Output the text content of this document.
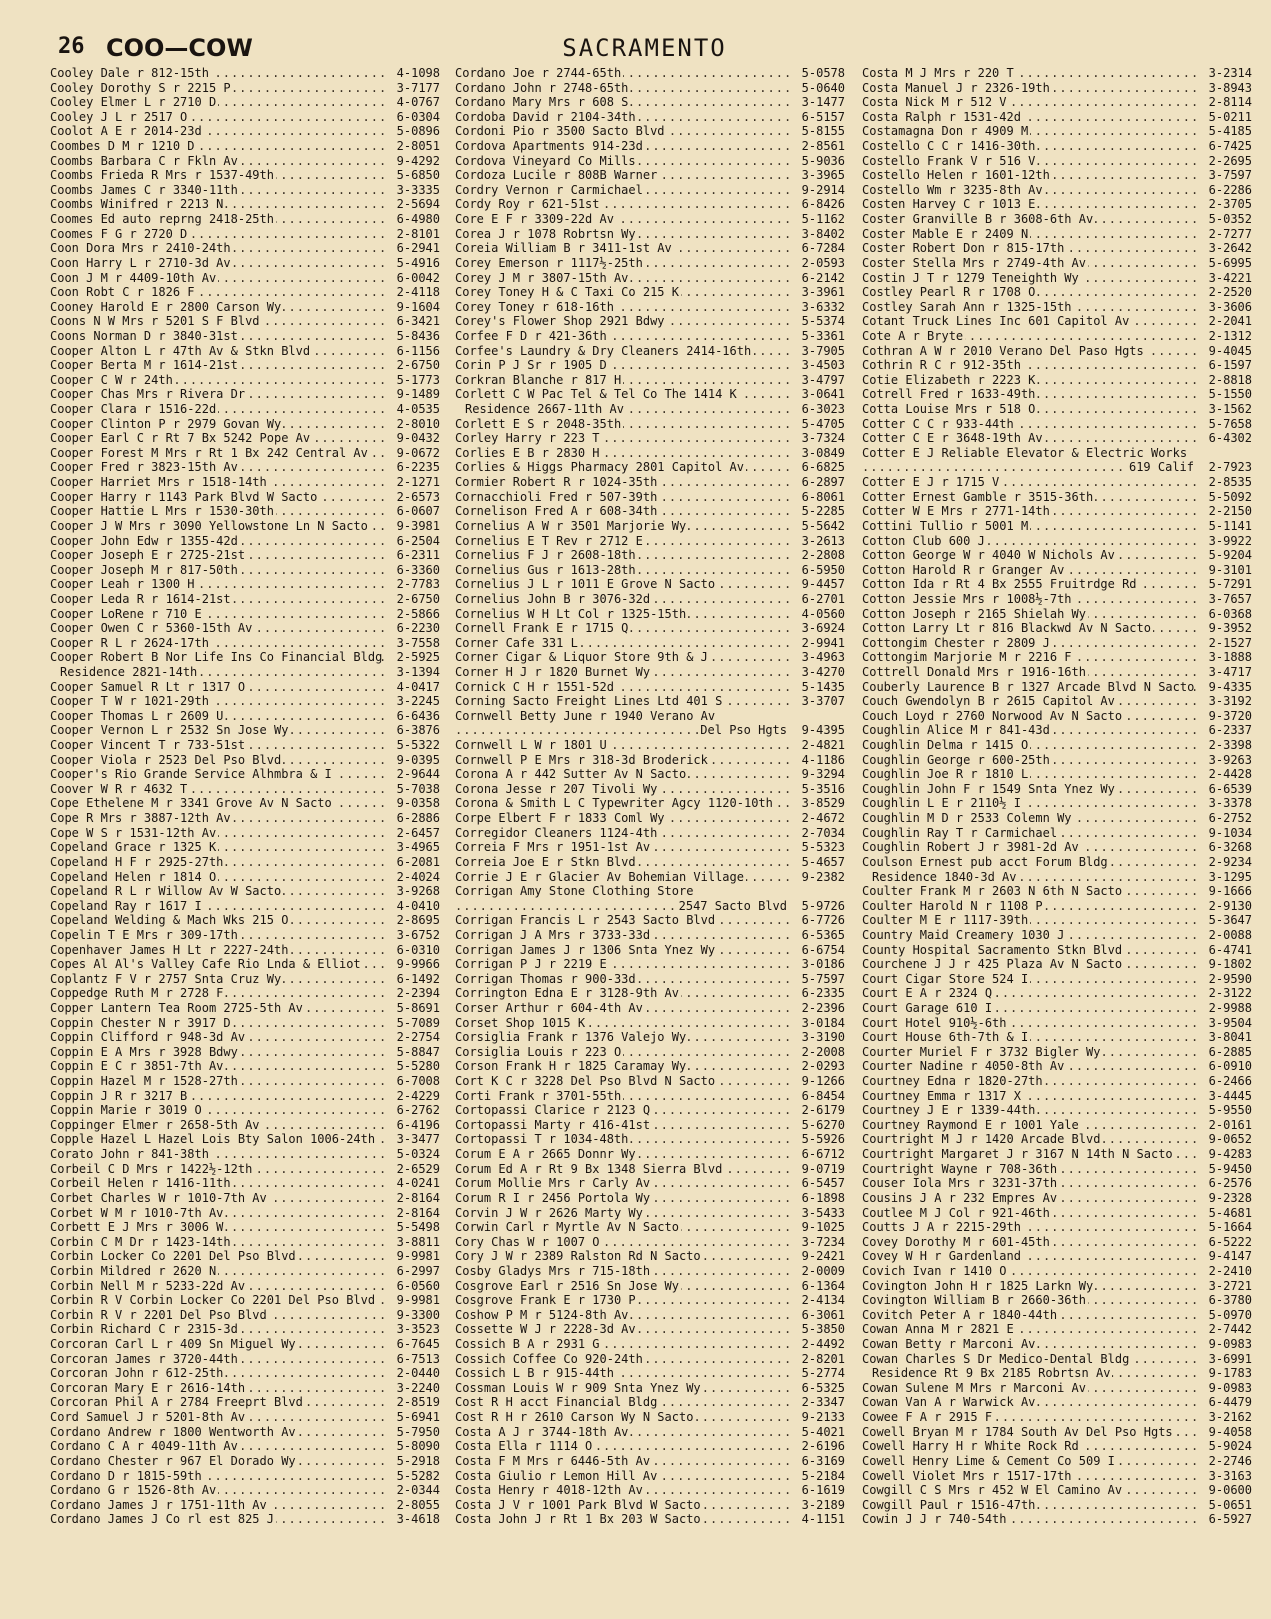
26 COO—COW	SACRAMENTO
Cooley Dale r 812-15th .....	4-1098
Cooley Dorothy S r 2215 P .....	3-7177
Cooley Elmer L r 2710 D .....	4-0767
Cooley J L r 2517 O .....	6-0304
Coolot A E r 2014-23d .....	5-0896
Coombes D M r 1210 D .....	2-8051
Coombs Barbara C r Fkln Av .....	9-4292
Coombs Frieda R Mrs r 1537-49th .....	5-6850
Coombs James C r 3340-11th .....	3-3335
Coombs Winifred r 2213 N .....	2-5694
Coomes Ed auto reprng 2418-25th .....	6-4980
Coomes F G r 2720 D .....	2-8101
Coon Dora Mrs r 2410-24th .....	6-2941
Coon Harry L r 2710-3d Av .....	5-4916
Coon J M r 4409-10th Av .....	6-0042
Coon Robt C r 1826 F .....	2-4118
Cooney Harold E r 2800 Carson Wy .....	9-1604
Coons N W Mrs r 5201 S F Blvd .....	6-3421
Coons Norman D r 3840-31st .....	5-8436
Cooper Alton L r 47th Av & Stkn Blvd .....	6-1156
Cooper Berta M r 1614-21st .....	2-6750
Cooper C W r 24th .....	5-1773
Cooper Chas Mrs r Rivera Dr .....	9-1489
Cooper Clara r 1516-22d .....	4-0535
Cooper Clinton P r 2979 Govan Wy .....	2-8010
Cooper Earl C r Rt 7 Bx 5242 Pope Av .....	9-0432
Cooper Forest M Mrs r Rt 1 Bx 242 Central Av ..... 9-0672
Cooper Fred r 3823-15th Av .....	6-2235
Cooper Harriet Mrs r 1518-14th .....	2-1271
Cooper Harry r 1143 Park Blvd W Sacto .....	2-6573
Cooper Hattie L Mrs r 1530-30th .....	6-0607
Cooper J W Mrs r 3090 Yellowstone Ln N Sacto ..... 9-3981
Cooper John Edw r 1355-42d .....	6-2504
Cooper Joseph E r 2725-21st .....	6-2311
Cooper Joseph M r 817-50th .....	6-3360
Cooper Leah r 1300 H .....	2-7783
Cooper Leda R r 1614-21st .....	2-6750
Cooper LoRene r 710 E .....	2-5866
Cooper Owen C r 5360-15th Av .....	6-2230
Cooper R L r 2624-17th .....	3-7558
Cooper Robert B Nor Life Ins Co Financial Bldg ..... 2-5925
Residence 2821-14th .....	3-1394
Cooper Samuel R Lt r 1317 O .....	4-0417
Cooper T W r 1021-29th .....	3-2245
Cooper Thomas L r 2609 U .....	6-6436
Cooper Vernon L r 2532 Sn Jose Wy .....	6-3876
Cooper Vincent T r 733-51st .....	5-5322
Cooper Viola r 2523 Del Pso Blvd .....	9-0395
Cooper's Rio Grande Service Alhmbra & I .....	2-9644
Coover W R r 4632 T .....	5-7038
Cope Ethelene M r 3341 Grove Av N Sacto .....	9-0358
Cope R Mrs r 3887-12th Av .....	6-2886
Cope W S r 1531-12th Av .....	2-6457
Copeland Grace r 1325 K .....	3-4965
Copeland H F r 2925-27th .....	6-2081
Copeland Helen r 1814 O .....	2-4024
Copeland R L r Willow Av W Sacto .....	3-9268
Copeland Ray r 1617 I .....	4-0410
Copeland Welding & Mach Wks 215 O .....	2-8695
Copelin T E Mrs r 309-17th .....	3-6752
Copenhaver James H Lt r 2227-24th .....	6-0310
Copes Al Al's Valley Cafe Rio Lnda & Elliot .....	9-9966
Coplantz F V r 2757 Snta Cruz Wy .....	6-1492
Coppedge Ruth M r 2728 F .....	2-2394
Copper Lantern Tea Room 2725-5th Av .....	5-8691
Coppin Chester N r 3917 D .....	5-7089
Coppin Clifford r 948-3d Av .....	2-2754
Coppin E A Mrs r 3928 Bdwy .....	5-8847
Coppin E C r 3851-7th Av .....	5-5280
Coppin Hazel M r 1528-27th .....	6-7008
Coppin J R r 3217 B .....	2-4229
Coppin Marie r 3019 O .....	6-2762
Coppinger Elmer r 2658-5th Av .....	6-4196
Copple Hazel L Hazel Lois Bty Salon 1006-24th ..... 3-3477
Corato John r 841-38th .....	5-0324
Corbeil C D Mrs r 1422½-12th .....	2-6529
Corbeil Helen r 1416-11th .....	4-0241
Corbet Charles W r 1010-7th Av .....	2-8164
Corbet W M r 1010-7th Av .....	2-8164
Corbett E J Mrs r 3006 W .....	5-5498
Corbin C M Dr r 1423-14th .....	3-8811
Corbin Locker Co 2201 Del Pso Blvd .....	9-9981
Corbin Mildred r 2620 N .....	6-2997
Corbin Nell M r 5233-22d Av .....	6-0560
Corbin R V Corbin Locker Co 2201 Del Pso Blvd ..... 9-9981
Corbin R V r 2201 Del Pso Blvd .....	9-3300
Corbin Richard C r 2315-3d .....	3-3523
Corcoran Carl L r 409 Sn Miguel Wy .....	6-7645
Corcoran James r 3720-44th .....	6-7513
Corcoran John r 612-25th .....	2-0440
Corcoran Mary E r 2616-14th .....	3-2240
Corcoran Phil A r 2784 Freeprt Blvd .....	2-8519
Cord Samuel J r 5201-8th Av .....	5-6941
Cordano Andrew r 1800 Wentworth Av .....	5-7950
Cordano C A r 4049-11th Av .....	5-8090
Cordano Chester r 967 El Dorado Wy .....	5-2918
Cordano D r 1815-59th .....	5-5282
Cordano G r 1526-8th Av .....	2-0344
Cordano James J r 1751-11th Av .....	2-8055
Cordano James J Co rl est 825 J .....	3-4618
Cordano Joe r 2744-65th .....	5-0578
Cordano John r 2748-65th .....	5-0640
Cordano Mary Mrs r 608 S .....	3-1477
Cordoba David r 2104-34th .....	6-5157
Cordoni Pio r 3500 Sacto Blvd .....	5-8155
Cordova Apartments 914-23d .....	2-8561
Cordova Vineyard Co Mills .....	5-9036
Cordoza Lucile r 808B Warner .....	3-3965
Cordry Vernon r Carmichael .....	9-2914
Cordy Roy r 621-51st .....	6-8426
Core E F r 3309-22d Av .....	5-1162
Corea J r 1078 Robrtsn Wy .....	3-8402
Coreia William B r 3411-1st Av .....	6-7284
Corey Emerson r 1117½-25th .....	2-0593
Corey J M r 3807-15th Av .....	6-2142
Corey Toney H & C Taxi Co 215 K .....	3-3961
Corey Toney r 618-16th .....	3-6332
Corey's Flower Shop 2921 Bdwy .....	5-5374
Corfee F D r 421-36th .....	5-3361
Corfee's Laundry & Dry Cleaners 2414-16th .....	3-7905
Corin P J Sr r 1905 D .....	3-4503
Corkran Blanche r 817 H .....	3-4797
Corlett C W Pac Tel & Tel Co The 1414 K .....	3-0641
Residence 2667-11th Av .....	6-3023
Corlett E S r 2048-35th .....	5-4705
Corley Harry r 223 T .....	3-7324
Corlies E B r 2830 H .....	3-0849
Corlies & Higgs Pharmacy 2801 Capitol Av .....	6-6825
Cormier Robert R r 1024-35th .....	6-2897
Cornacchioli Fred r 507-39th .....	6-8061
Cornelison Fred A r 608-34th .....	5-2285
Cornelius A W r 3501 Marjorie Wy .....	5-5642
Cornelius E T Rev r 2712 E .....	3-2613
Cornelius F J r 2608-18th .....	2-2808
Cornelius Gus r 1613-28th .....	6-5950
Cornelius J L r 1011 E Grove N Sacto .....	9-4457
Cornelius John B r 3076-32d .....	6-2701
Cornelius W H Lt Col r 1325-15th .....	4-0560
Cornell Frank E r 1715 Q .....	3-6924
Corner Cafe 331 L .....	2-9941
Corner Cigar & Liquor Store 9th & J .....	3-4963
Corner H J r 1820 Burnet Wy .....	3-4270
Cornick C H r 1551-52d .....	5-1435
Corning Sacto Freight Lines Ltd 401 S .....	3-3707
Cornwell Betty June r 1940 Verano Av
Del Pso Hgts ..... 9-4395
Cornwell L W r 1801 U .....	2-4821
Cornwell P E Mrs r 318-3d Broderick .....	4-1186
Corona A r 442 Sutter Av N Sacto .....	9-3294
Corona Jesse r 207 Tivoli Wy .....	5-3516
Corona & Smith L C Typewriter Agcy 1120-10th ..... 3-8529
Corpe Elbert F r 1833 Coml Wy .....	2-4672
Corregidor Cleaners 1124-4th .....	2-7034
Correia F Mrs r 1951-1st Av .....	5-5323
Correia Joe E r Stkn Blvd .....	5-4657
Corrie J E r Glacier Av Bohemian Village .....	9-2382
Corrigan Amy Stone Clothing Store
2547 Sacto Blvd ..... 5-9726
Corrigan Francis L r 2543 Sacto Blvd .....	6-7726
Corrigan J A Mrs r 3733-33d .....	6-5365
Corrigan James J r 1306 Snta Ynez Wy .....	6-6754
Corrigan P J r 2219 E .....	3-0186
Corrigan Thomas r 900-33d .....	5-7597
Corrington Edna E r 3128-9th Av .....	6-2335
Corser Arthur r 604-4th Av .....	2-2396
Corset Shop 1015 K .....	3-0184
Corsiglia Frank r 1376 Valejo Wy .....	3-3190
Corsiglia Louis r 223 O .....	2-2008
Corson Frank H r 1825 Caramay Wy .....	2-0293
Cort K C r 3228 Del Pso Blvd N Sacto .....	9-1266
Corti Frank r 3701-55th .....	6-8454
Cortopassi Clarice r 2123 Q .....	2-6179
Cortopassi Marty r 416-41st .....	5-6270
Cortopassi T r 1034-48th .....	5-5926
Corum E A r 2665 Donnr Wy .....	6-6712
Corum Ed A r Rt 9 Bx 1348 Sierra Blvd .....	9-0719
Corum Mollie Mrs r Carly Av .....	6-5457
Corum R I r 2456 Portola Wy .....	6-1898
Corvin J W r 2626 Marty Wy .....	3-5433
Corwin Carl r Myrtle Av N Sacto .....	9-1025
Cory Chas W r 1007 O .....	3-7234
Cory J W r 2389 Ralston Rd N Sacto .....	9-2421
Cosby Gladys Mrs r 715-18th .....	2-0009
Cosgrove Earl r 2516 Sn Jose Wy .....	6-1364
Cosgrove Frank E r 1730 P .....	2-4134
Coshow P M r 5124-8th Av .....	6-3061
Cossette W J r 2228-3d Av .....	5-3850
Cossich B A r 2931 G .....	2-4492
Cossich Coffee Co 920-24th .....	2-8201
Cossich L B r 915-44th .....	5-2774
Cossman Louis W r 909 Snta Ynez Wy .....	6-5325
Cost R H acct Financial Bldg .....	2-3347
Cost R H r 2610 Carson Wy N Sacto .....	9-2133
Costa A J r 3744-18th Av .....	5-4021
Costa Ella r 1114 O .....	2-6196
Costa F M Mrs r 6446-5th Av .....	6-3169
Costa Giulio r Lemon Hill Av .....	5-2184
Costa Henry r 4018-12th Av .....	6-1619
Costa J V r 1001 Park Blvd W Sacto .....	3-2189
Costa John J r Rt 1 Bx 203 W Sacto .....	4-1151
Costa M J Mrs r 220 T .....	3-2314
Costa Manuel J r 2326-19th .....	3-8943
Costa Nick M r 512 V .....	2-8114
Costa Ralph r 1531-42d .....	5-0211
Costamagna Don r 4909 M .....	5-4185
Costello C C r 1416-30th .....	6-7425
Costello Frank V r 516 V .....	2-2695
Costello Helen r 1601-12th .....	3-7597
Costello Wm r 3235-8th Av .....	6-2286
Costen Harvey C r 1013 E .....	2-3705
Coster Granville B r 3608-6th Av .....	5-0352
Coster Mable E r 2409 N .....	2-7277
Coster Robert Don r 815-17th .....	3-2642
Coster Stella Mrs r 2749-4th Av .....	5-6995
Costin J T r 1279 Teneighth Wy .....	3-4221
Costley Pearl R r 1708 O .....	2-2520
Costley Sarah Ann r 1325-15th .....	3-3606
Cotant Truck Lines Inc 601 Capitol Av .....	2-2041
Cote A r Bryte .....	2-1312
Cothran A W r 2010 Verano Del Paso Hgts .....	9-4045
Cothrin R C r 912-35th .....	6-1597
Cotie Elizabeth r 2223 K .....	2-8818
Cotrell Fred r 1633-49th .....	5-1550
Cotta Louise Mrs r 518 O .....	3-1562
Cotter C C r 933-44th .....	5-7658
Cotter C E r 3648-19th Av .....	6-4302
Cotter E J Reliable Elevator & Electric Works
619 Calif ..... 2-7923
Cotter E J r 1715 V .....	2-8535
Cotter Ernest Gamble r 3515-36th .....	5-5092
Cotter W E Mrs r 2771-14th .....	2-2150
Cottini Tullio r 5001 M .....	5-1141
Cotton Club 600 J .....	3-9922
Cotton George W r 4040 W Nichols Av .....	5-9204
Cotton Harold R r Granger Av .....	9-3101
Cotton Ida r Rt 4 Bx 2555 Fruitrdge Rd .....	5-7291
Cotton Jessie Mrs r 1008½-7th .....	3-7657
Cotton Joseph r 2165 Shielah Wy .....	6-0368
Cotton Larry Lt r 816 Blackwd Av N Sacto .....	9-3952
Cottongim Chester r 2809 J .....	2-1527
Cottongim Marjorie M r 2216 F .....	3-1888
Cottrell Donald Mrs r 1916-16th .....	3-4717
Couberly Laurence B r 1327 Arcade Blvd N Sacto ..... 9-4335
Couch Gwendolyn B r 2615 Capitol Av .....	3-3192
Couch Loyd r 2760 Norwood Av N Sacto .....	9-3720
Coughlin Alice M r 841-43d .....	6-2337
Coughlin Delma r 1415 O .....	2-3398
Coughlin George r 600-25th .....	3-9263
Coughlin Joe R r 1810 L .....	2-4428
Coughlin John F r 1549 Snta Ynez Wy .....	6-6539
Coughlin L E r 2110½ I .....	3-3378
Coughlin M D r 2533 Colemn Wy .....	6-2752
Coughlin Ray T r Carmichael .....	9-1034
Coughlin Robert J r 3981-2d Av .....	6-3268
Coulson Ernest pub acct Forum Bldg .....	2-9234
Residence 1840-3d Av .....	3-1295
Coulter Frank M r 2603 N 6th N Sacto .....	9-1666
Coulter Harold N r 1108 P .....	2-9130
Coulter M E r 1117-39th .....	5-3647
Country Maid Creamery 1030 J .....	2-0088
County Hospital Sacramento Stkn Blvd .....	6-4741
Courchene J J r 425 Plaza Av N Sacto .....	9-1802
Court Cigar Store 524 I .....	2-9590
Court E A r 2324 Q .....	2-3122
Court Garage 610 I .....	2-9988
Court Hotel 910½-6th .....	3-9504
Court House 6th-7th & I .....	3-8041
Courter Muriel F r 3732 Bigler Wy .....	6-2885
Courter Nadine r 4050-8th Av .....	6-0910
Courtney Edna r 1820-27th .....	6-2466
Courtney Emma r 1317 X .....	3-4445
Courtney J E r 1339-44th .....	5-9550
Courtney Raymond E r 1001 Yale .....	2-0161
Courtright M J r 1420 Arcade Blvd .....	9-0652
Courtright Margaret J r 3167 N 14th N Sacto .....	9-4283
Courtright Wayne r 708-36th .....	5-9450
Couser Iola Mrs r 3231-37th .....	6-2576
Cousins J A r 232 Empres Av .....	9-2328
Coutlee M J Col r 921-46th .....	5-4681
Coutts J A r 2215-29th .....	5-1664
Covey Dorothy M r 601-45th .....	6-5222
Covey W H r Gardenland .....	9-4147
Covich Ivan r 1410 O .....	2-2410
Covington John H r 1825 Larkn Wy .....	3-2721
Covington William B r 2660-36th .....	6-3780
Covitch Peter A r 1840-44th .....	5-0970
Cowan Anna M r 2821 E .....	2-7442
Cowan Betty r Marconi Av .....	9-0983
Cowan Charles S Dr Medico-Dental Bldg .....	3-6991
Residence Rt 9 Bx 2185 Robrtsn Av .....	9-1783
Cowan Sulene M Mrs r Marconi Av .....	9-0983
Cowan Van A r Warwick Av .....	6-4479
Cowee F A r 2915 F .....	3-2162
Cowell Bryan M r 1784 South Av Del Pso Hgts .....	9-4058
Cowell Harry H r White Rock Rd .....	5-9024
Cowell Henry Lime & Cement Co 509 I .....	2-2746
Cowell Violet Mrs r 1517-17th .....	3-3163
Cowgill C S Mrs r 452 W El Camino Av .....	9-0600
Cowgill Paul r 1516-47th .....	5-0651
Cowin J J r 740-54th .....	6-5927
